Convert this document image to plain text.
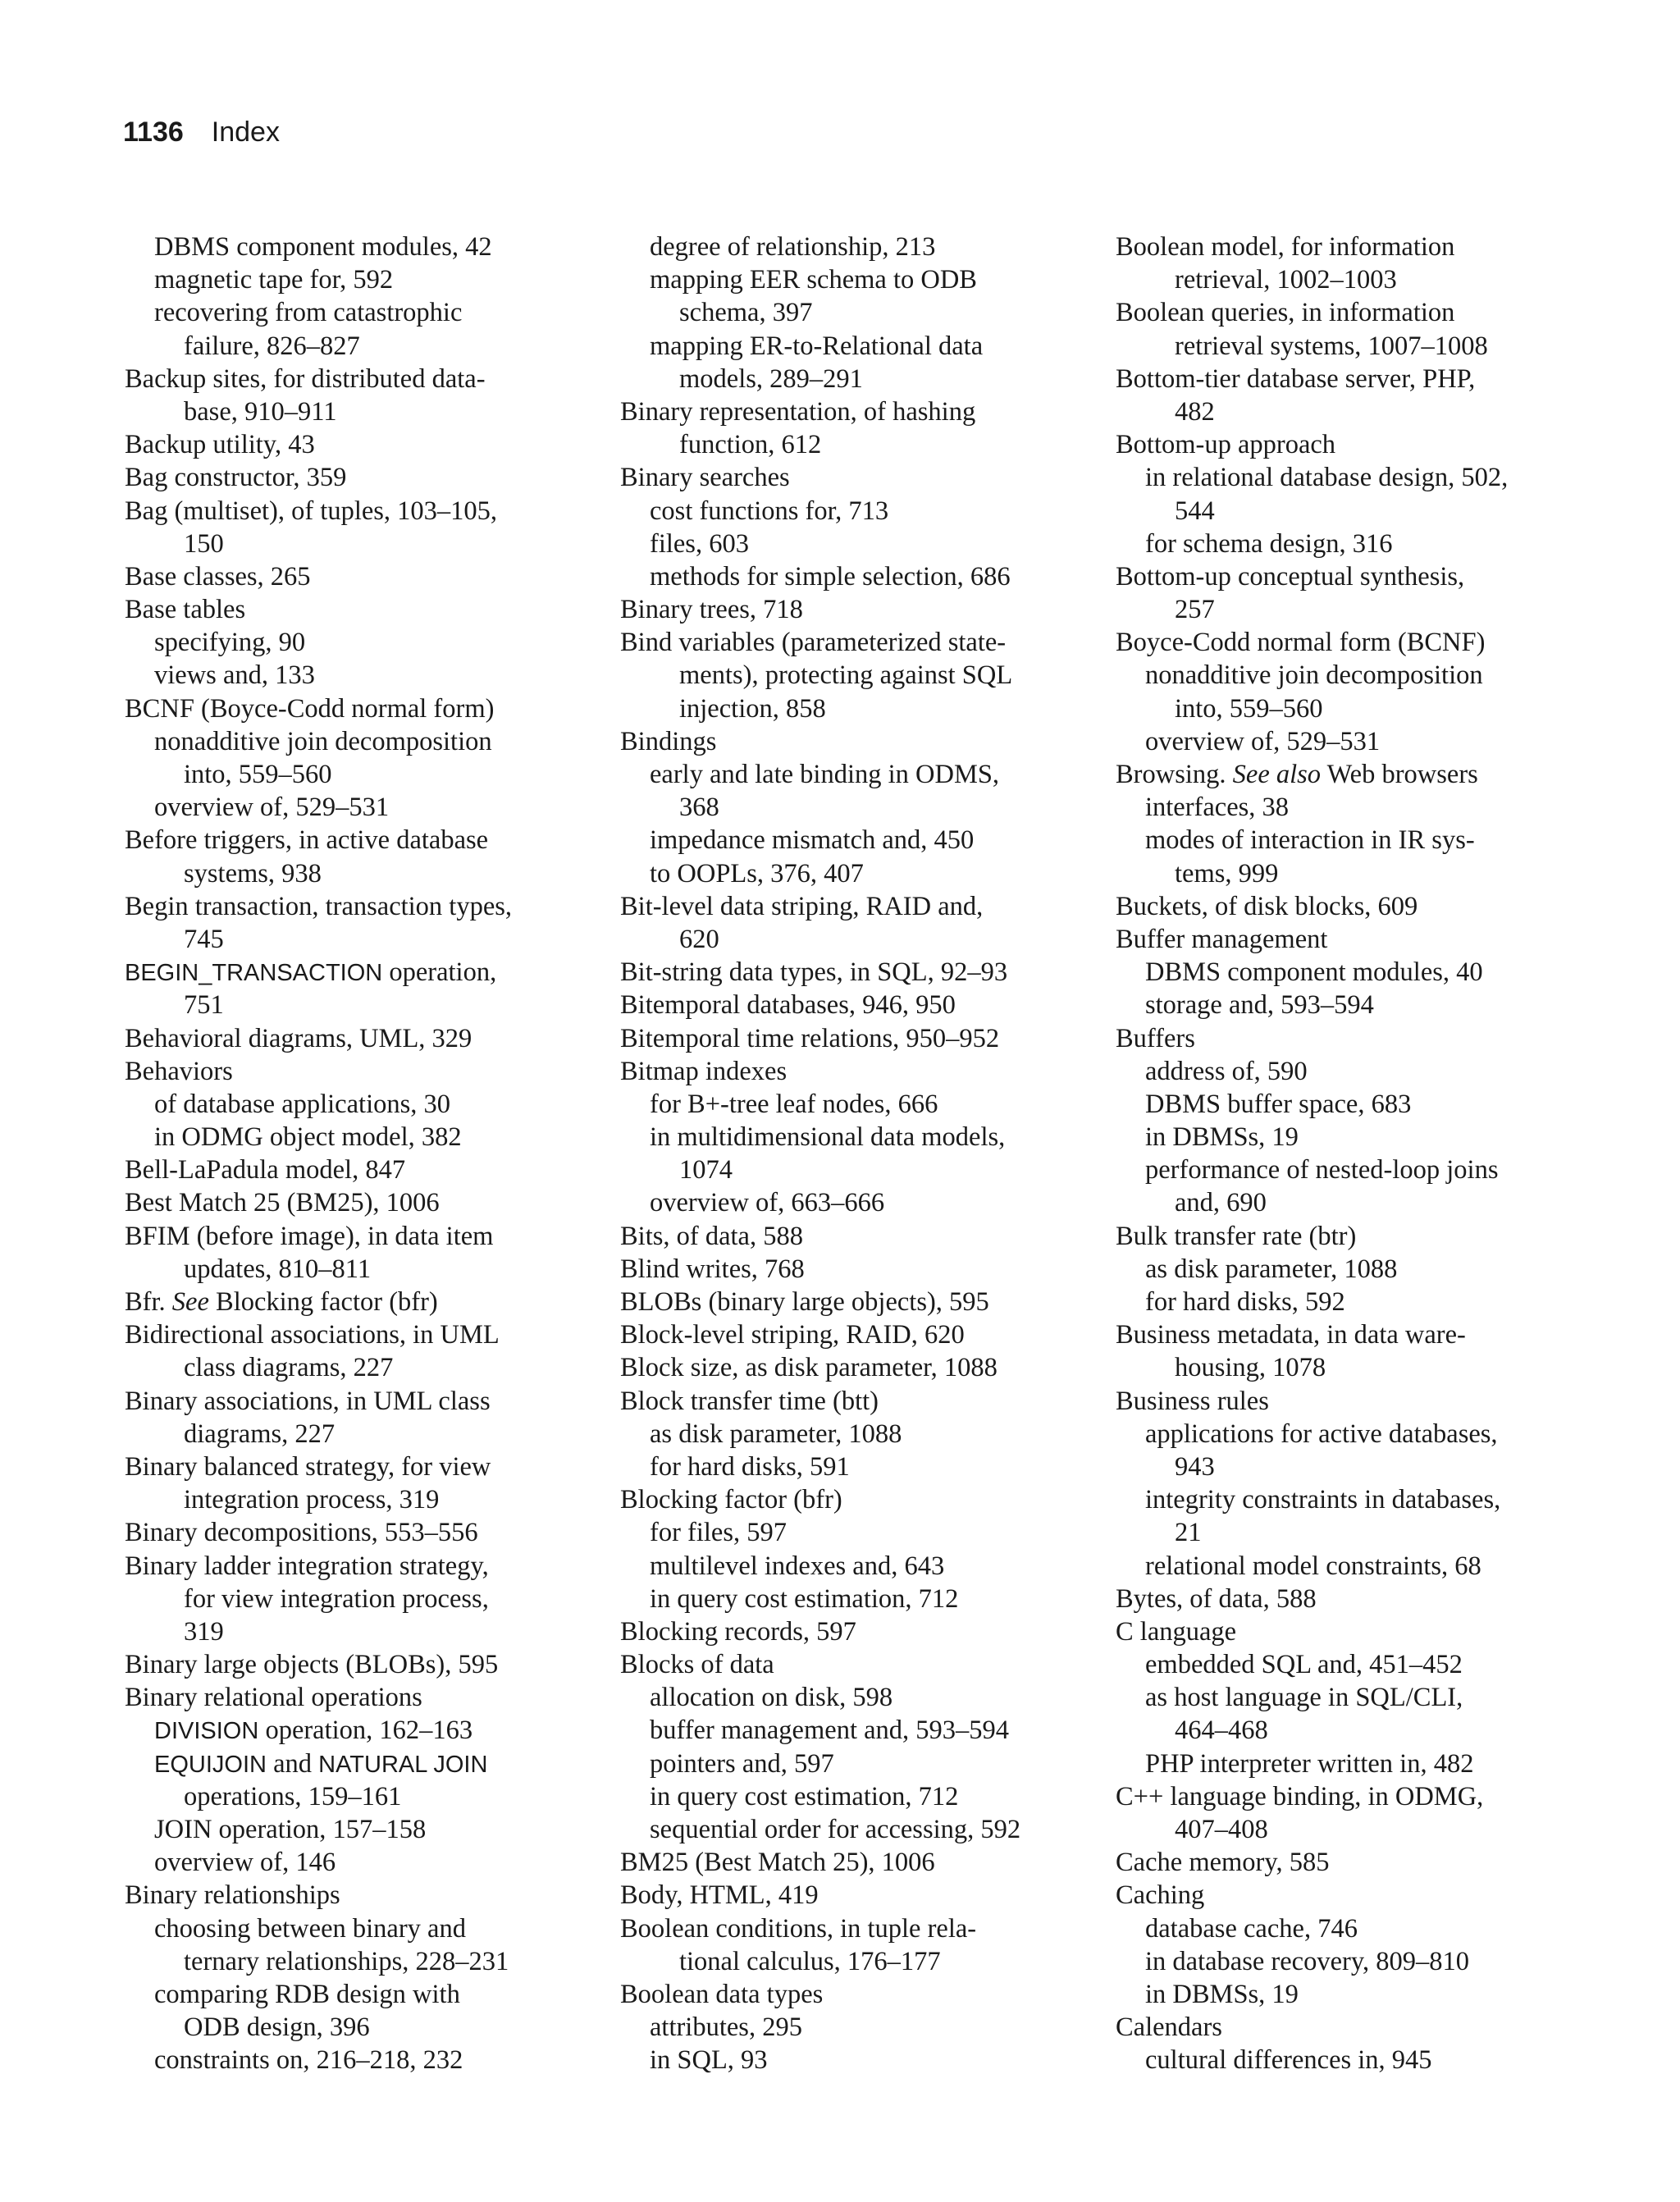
1136 Index
DBMS component modules, 42
magnetic tape for, 592
recovering from catastrophic
failure, 826–827
Backup sites, for distributed data-
base, 910–911
Backup utility, 43
Bag constructor, 359
Bag (multiset), of tuples, 103–105,
150
Base classes, 265
Base tables
specifying, 90
views and, 133
BCNF (Boyce-Codd normal form)
nonadditive join decomposition
into, 559–560
overview of, 529–531
Before triggers, in active database
systems, 938
Begin transaction, transaction types,
745
BEGIN_TRANSACTION operation,
751
Behavioral diagrams, UML, 329
Behaviors
of database applications, 30
in ODMG object model, 382
Bell-LaPadula model, 847
Best Match 25 (BM25), 1006
BFIM (before image), in data item
updates, 810–811
Bfr. See Blocking factor (bfr)
Bidirectional associations, in UML
class diagrams, 227
Binary associations, in UML class
diagrams, 227
Binary balanced strategy, for view
integration process, 319
Binary decompositions, 553–556
Binary ladder integration strategy,
for view integration process,
319
Binary large objects (BLOBs), 595
Binary relational operations
DIVISION operation, 162–163
EQUIJOIN and NATURAL JOIN
operations, 159–161
JOIN operation, 157–158
overview of, 146
Binary relationships
choosing between binary and
ternary relationships, 228–231
comparing RDB design with
ODB design, 396
constraints on, 216–218, 232
degree of relationship, 213
mapping EER schema to ODB
schema, 397
mapping ER-to-Relational data
models, 289–291
Binary representation, of hashing
function, 612
Binary searches
cost functions for, 713
files, 603
methods for simple selection, 686
Binary trees, 718
Bind variables (parameterized state-
ments), protecting against SQL
injection, 858
Bindings
early and late binding in ODMS,
368
impedance mismatch and, 450
to OOPLs, 376, 407
Bit-level data striping, RAID and,
620
Bit-string data types, in SQL, 92–93
Bitemporal databases, 946, 950
Bitemporal time relations, 950–952
Bitmap indexes
for B+-tree leaf nodes, 666
in multidimensional data models,
1074
overview of, 663–666
Bits, of data, 588
Blind writes, 768
BLOBs (binary large objects), 595
Block-level striping, RAID, 620
Block size, as disk parameter, 1088
Block transfer time (btt)
as disk parameter, 1088
for hard disks, 591
Blocking factor (bfr)
for files, 597
multilevel indexes and, 643
in query cost estimation, 712
Blocking records, 597
Blocks of data
allocation on disk, 598
buffer management and, 593–594
pointers and, 597
in query cost estimation, 712
sequential order for accessing, 592
BM25 (Best Match 25), 1006
Body, HTML, 419
Boolean conditions, in tuple rela-
tional calculus, 176–177
Boolean data types
attributes, 295
in SQL, 93
Boolean model, for information
retrieval, 1002–1003
Boolean queries, in information
retrieval systems, 1007–1008
Bottom-tier database server, PHP,
482
Bottom-up approach
in relational database design, 502,
544
for schema design, 316
Bottom-up conceptual synthesis,
257
Boyce-Codd normal form (BCNF)
nonadditive join decomposition
into, 559–560
overview of, 529–531
Browsing. See also Web browsers
interfaces, 38
modes of interaction in IR sys-
tems, 999
Buckets, of disk blocks, 609
Buffer management
DBMS component modules, 40
storage and, 593–594
Buffers
address of, 590
DBMS buffer space, 683
in DBMSs, 19
performance of nested-loop joins
and, 690
Bulk transfer rate (btr)
as disk parameter, 1088
for hard disks, 592
Business metadata, in data ware-
housing, 1078
Business rules
applications for active databases,
943
integrity constraints in databases,
21
relational model constraints, 68
Bytes, of data, 588
C language
embedded SQL and, 451–452
as host language in SQL/CLI,
464–468
PHP interpreter written in, 482
C++ language binding, in ODMG,
407–408
Cache memory, 585
Caching
database cache, 746
in database recovery, 809–810
in DBMSs, 19
Calendars
cultural differences in, 945
